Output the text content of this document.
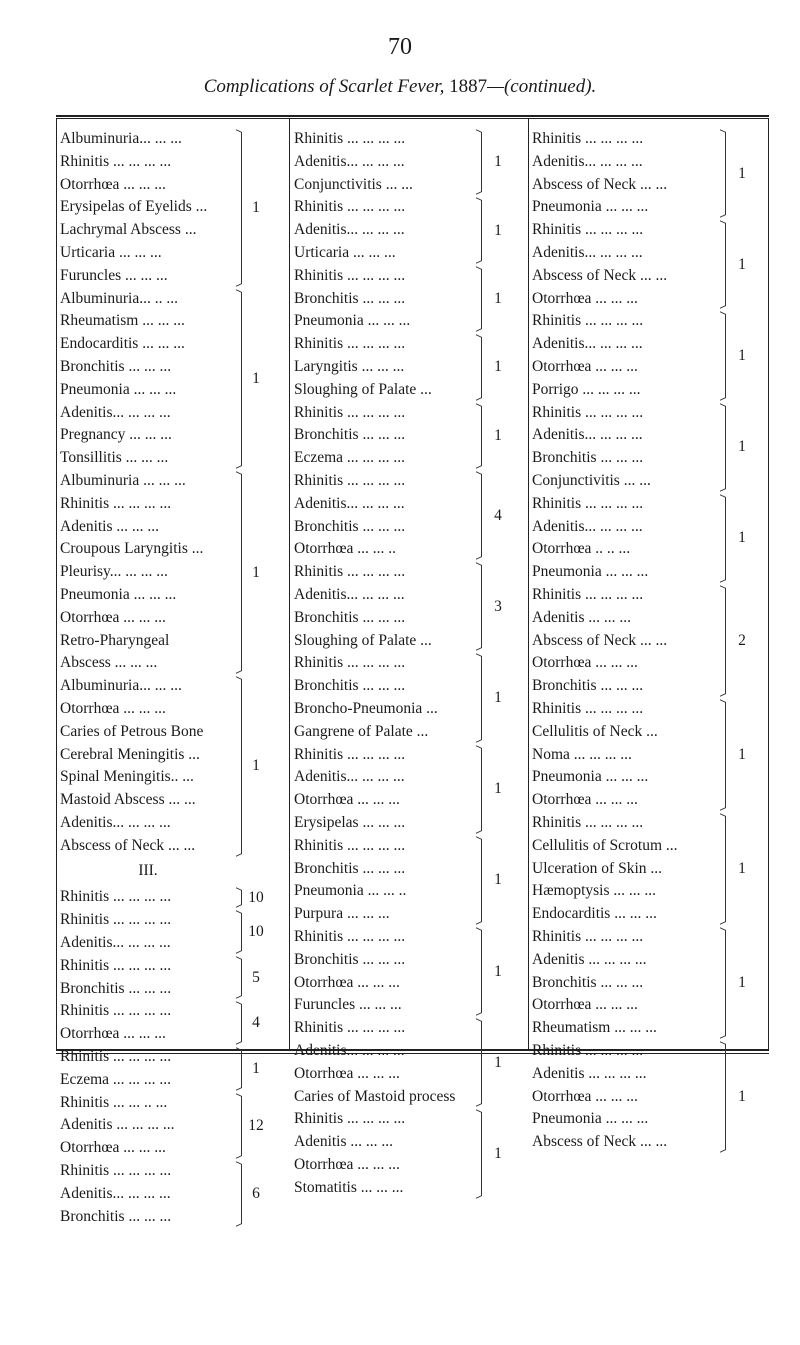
70
Complications of Scarlet Fever, 1887—(continued).
Albuminuria... ... ...
Rhinitis ... ... ... ...
Otorrhœa ... ... ...
Erysipelas of Eyelids ...
Lachrymal Abscess ...
Urticaria ... ... ...
Furuncles ... ... ...
1
Albuminuria... .. ...
Rheumatism ... ... ...
Endocarditis ... ... ...
Bronchitis ... ... ...
Pneumonia ... ... ...
Adenitis... ... ... ...
Pregnancy ... ... ...
Tonsillitis ... ... ...
1
Albuminuria ... ... ...
Rhinitis ... ... ... ...
Adenitis ... ... ...
Croupous Laryngitis ...
Pleurisy... ... ... ...
Pneumonia ... ... ...
Otorrhœa ... ... ...
Retro-Pharyngeal
Abscess ... ... ...
1
Albuminuria... ... ...
Otorrhœa ... ... ...
Caries of Petrous Bone
Cerebral Meningitis ...
Spinal Meningitis.. ...
Mastoid Abscess ... ...
Adenitis... ... ... ...
Abscess of Neck ... ...
1
III.
Rhinitis ... ... ... ...	10
Rhinitis ... ... ... ...
Adenitis... ... ... ...
10
Rhinitis ... ... ... ...
Bronchitis ... ... ...
5
Rhinitis ... ... ... ...
Otorrhœa ... ... ...
4
Rhinitis ... ... ... ...
Eczema ... ... ... ...
1
Rhinitis ... ... .. ...
Adenitis ... ... ... ...
Otorrhœa ... ... ...
12
Rhinitis ... ... ... ...
Adenitis... ... ... ...
Bronchitis ... ... ...
6
Rhinitis ... ... ... ...
Adenitis... ... ... ...
Conjunctivitis ... ...
1
Rhinitis ... ... ... ...
Adenitis... ... ... ...
Urticaria ... ... ...
1
Rhinitis ... ... ... ...
Bronchitis ... ... ...
Pneumonia ... ... ...
1
Rhinitis ... ... ... ...
Laryngitis ... ... ...
Sloughing of Palate ...
1
Rhinitis ... ... ... ...
Bronchitis ... ... ...
Eczema ... ... ... ...
1
Rhinitis ... ... ... ...
Adenitis... ... ... ...
Bronchitis ... ... ...
Otorrhœa ... ... ..
4
Rhinitis ... ... ... ...
Adenitis... ... ... ...
Bronchitis ... ... ...
Sloughing of Palate ...
3
Rhinitis ... ... ... ...
Bronchitis ... ... ...
Broncho-Pneumonia ...
Gangrene of Palate ...
1
Rhinitis ... ... ... ...
Adenitis... ... ... ...
Otorrhœa ... ... ...
Erysipelas ... ... ...
1
Rhinitis ... ... ... ...
Bronchitis ... ... ...
Pneumonia ... ... ..
Purpura ... ... ...
1
Rhinitis ... ... ... ...
Bronchitis ... ... ...
Otorrhœa ... ... ...
Furuncles ... ... ...
1
Rhinitis ... ... ... ...
Adenitis... ... ... ...
Otorrhœa ... ... ...
Caries of Mastoid process
1
Rhinitis ... ... ... ...
Adenitis ... ... ...
Otorrhœa ... ... ...
Stomatitis ... ... ...
1
Rhinitis ... ... ... ...
Adenitis... ... ... ...
Abscess of Neck ... ...
Pneumonia ... ... ...
1
Rhinitis ... ... ... ...
Adenitis... ... ... ...
Abscess of Neck ... ...
Otorrhœa ... ... ...
1
Rhinitis ... ... ... ...
Adenitis... ... ... ...
Otorrhœa ... ... ...
Porrigo ... ... ... ...
1
Rhinitis ... ... ... ...
Adenitis... ... ... ...
Bronchitis ... ... ...
Conjunctivitis ... ...
1
Rhinitis ... ... ... ...
Adenitis... ... ... ...
Otorrhœa .. .. ...
Pneumonia ... ... ...
1
Rhinitis ... ... ... ...
Adenitis ... ... ...
Abscess of Neck ... ...
Otorrhœa ... ... ...
Bronchitis ... ... ...
2
Rhinitis ... ... ... ...
Cellulitis of Neck ...
Noma ... ... ... ...
Pneumonia ... ... ...
Otorrhœa ... ... ...
1
Rhinitis ... ... ... ...
Cellulitis of Scrotum ...
Ulceration of Skin ...
Hæmoptysis ... ... ...
Endocarditis ... ... ...
1
Rhinitis ... ... ... ...
Adenitis ... ... ... ...
Bronchitis ... ... ...
Otorrhœa ... ... ...
Rheumatism ... ... ...
1
Rhinitis ... ... ... ...
Adenitis ... ... ... ...
Otorrhœa ... ... ...
Pneumonia ... ... ...
Abscess of Neck ... ...
1
